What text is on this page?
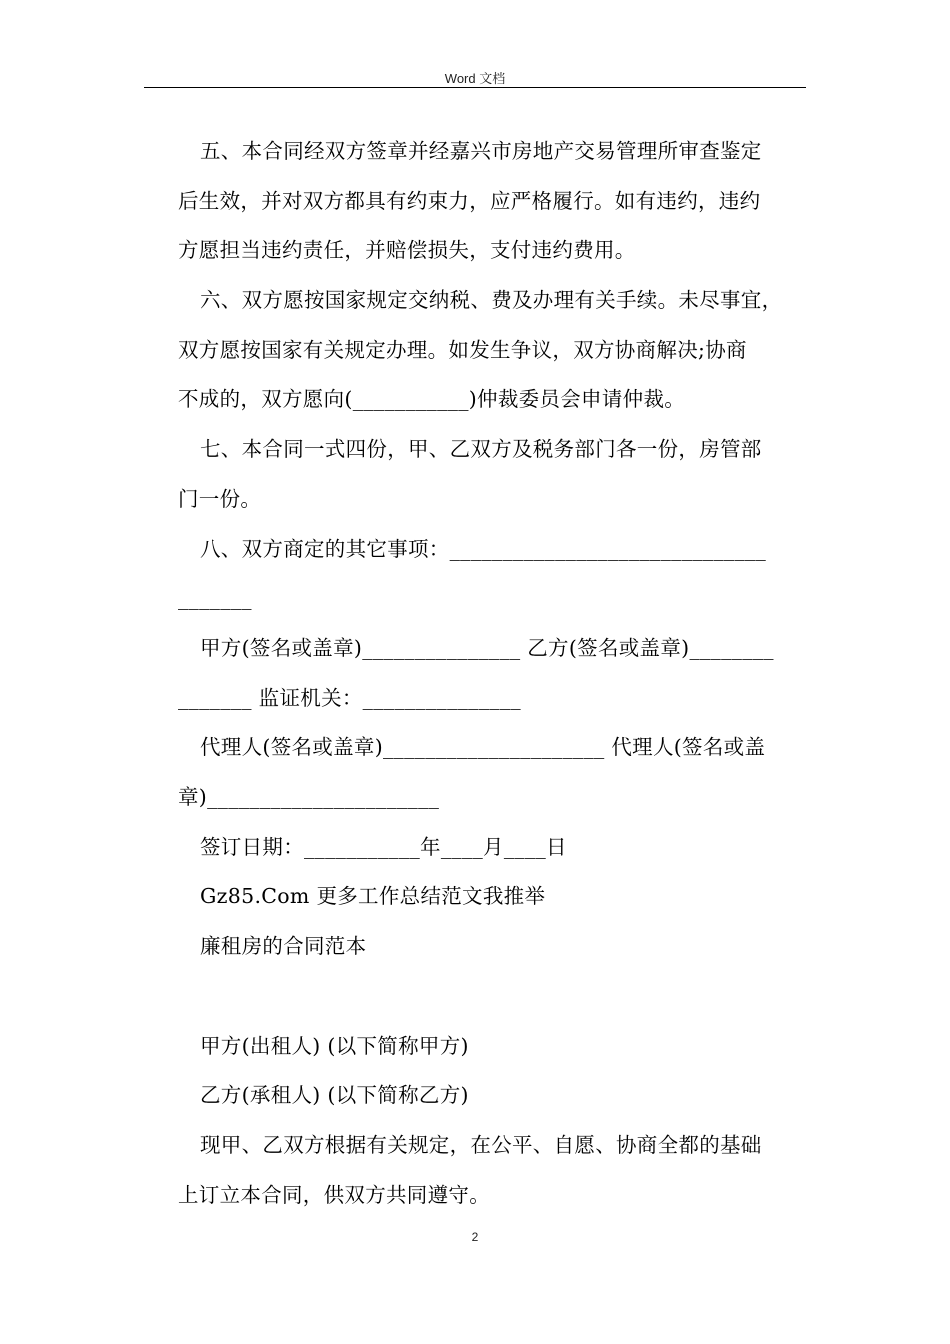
Word 文档
五、本合同经双方签章并经嘉兴市房地产交易管理所审查鉴定
后生效，并对双方都具有约束力，应严格履行。如有违约，违约
方愿担当违约责任，并赔偿损失，支付违约费用。
六、双方愿按国家规定交纳税、费及办理有关手续。未尽事宜，
双方愿按国家有关规定办理。如发生争议，双方协商解决;协商
不成的，双方愿向(___________)仲裁委员会申请仲裁。
七、本合同一式四份，甲、乙双方及税务部门各一份，房管部
门一份。
八、双方商定的其它事项：______________________________
_______
甲方(签名或盖章)_______________ 乙方(签名或盖章)________
_______ 监证机关：_______________
代理人(签名或盖章)_____________________ 代理人(签名或盖
章)______________________
签订日期：___________年____月____日
Gz85.Com 更多工作总结范文我推举
廉租房的合同范本
甲方(出租人) (以下简称甲方)
乙方(承租人) (以下简称乙方)
现甲、乙双方根据有关规定，在公平、自愿、协商全都的基础
上订立本合同，供双方共同遵守。
2
